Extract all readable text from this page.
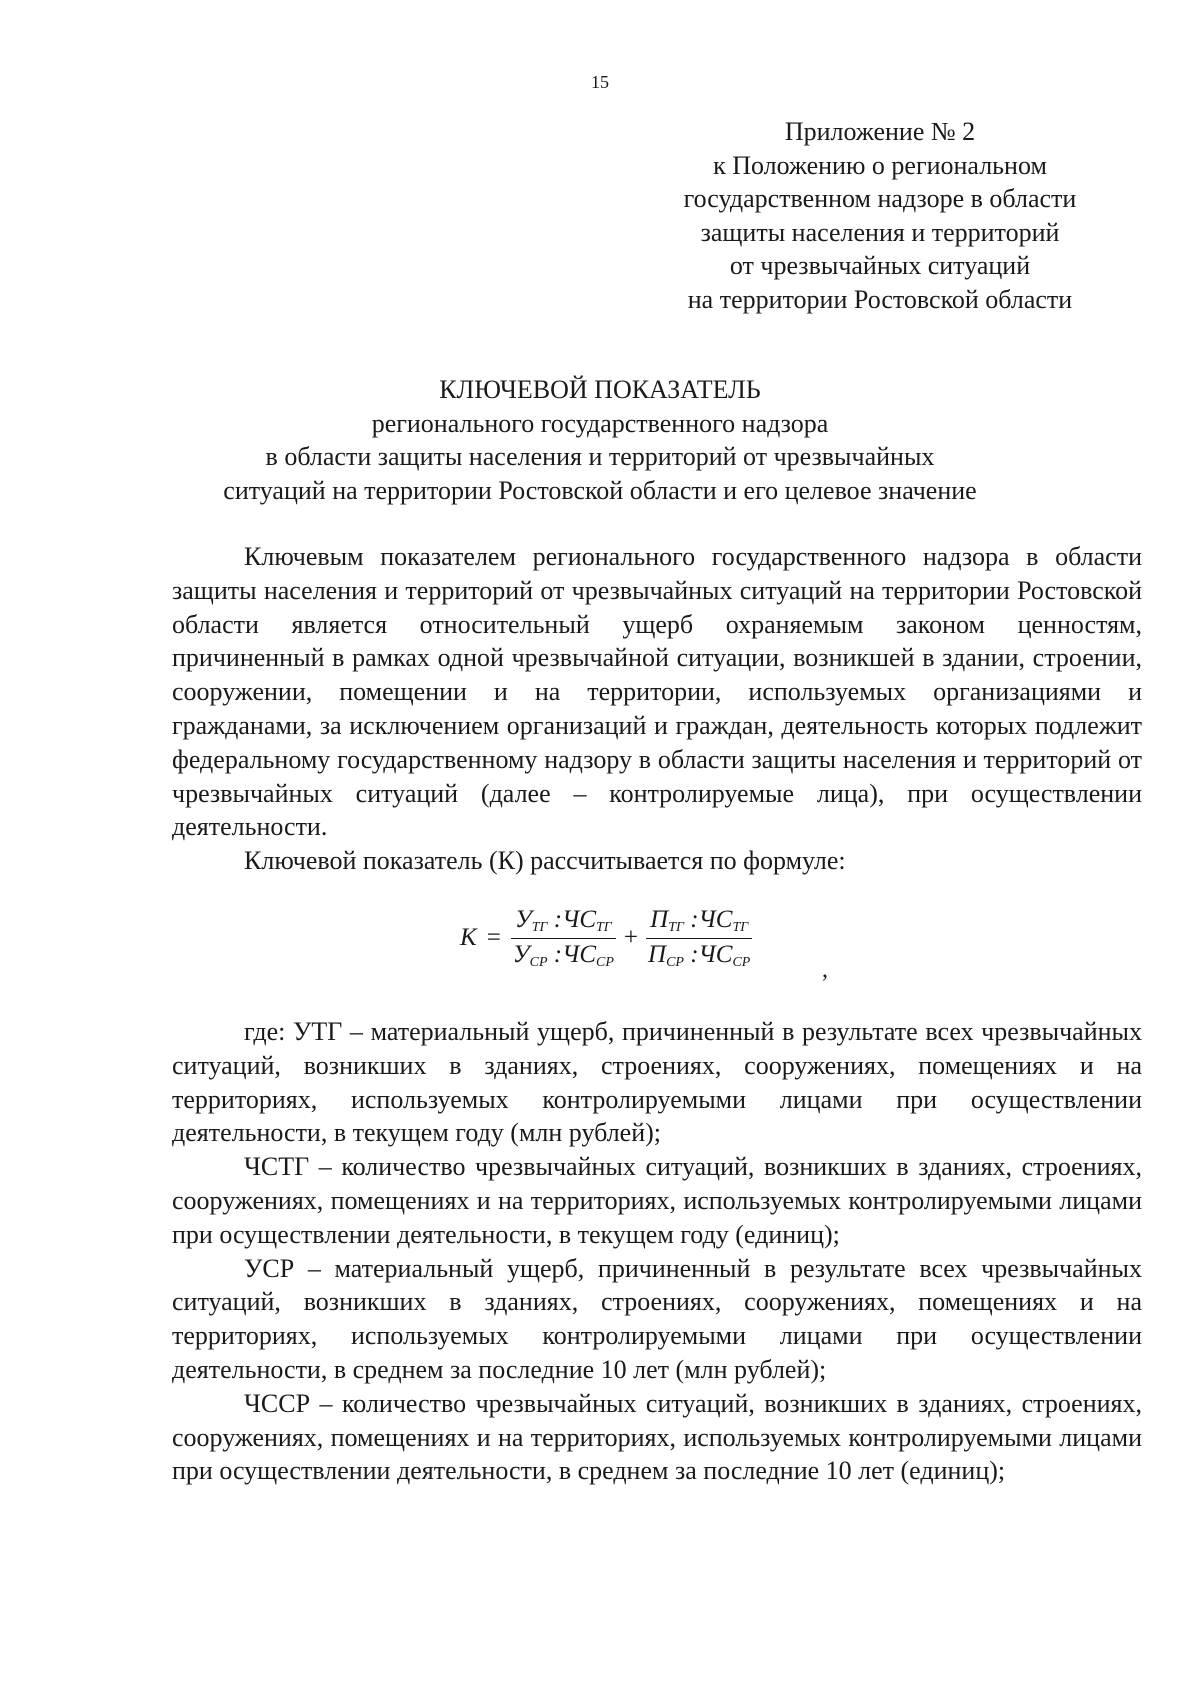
15
Приложение № 2
к Положению о региональном
государственном надзоре в области
защиты населения и территорий
от чрезвычайных ситуаций
на территории Ростовской области
КЛЮЧЕВОЙ ПОКАЗАТЕЛЬ
регионального государственного надзора
в области защиты населения и территорий от чрезвычайных
ситуаций на территории Ростовской области и его целевое значение

Ключевым показателем регионального государственного надзора в области защиты населения и территорий от чрезвычайных ситуаций на территории Ростовской области является относительный ущерб охраняемым законом ценностям, причиненный в рамках одной чрезвычайной ситуации, возникшей в здании, строении, сооружении, помещении и на территории, используемых организациями и гражданами, за исключением организаций и граждан, деятельность которых подлежит федеральному государственному надзору в области защиты населения и территорий от чрезвычайных ситуаций (далее – контролируемые лица), при осуществлении деятельности.

Ключевой показатель (К) рассчитывается по формуле:

$K = \frac{У_{ТГ} :ЧС_{ТГ}}{У_{СР} :ЧС_{СР}} + \frac{П_{ТГ} :ЧС_{ТГ}}{П_{СР} :ЧС_{СР}}$	,

где: УТГ – материальный ущерб, причиненный в результате всех чрезвычайных ситуаций, возникших в зданиях, строениях, сооружениях, помещениях и на территориях, используемых контролируемыми лицами при осуществлении деятельности, в текущем году (млн рублей);

ЧСТГ – количество чрезвычайных ситуаций, возникших в зданиях, строениях, сооружениях, помещениях и на территориях, используемых контролируемыми лицами при осуществлении деятельности, в текущем году (единиц);

УСР – материальный ущерб, причиненный в результате всех чрезвычайных ситуаций, возникших в зданиях, строениях, сооружениях, помещениях и на территориях, используемых контролируемыми лицами при осуществлении деятельности, в среднем за последние 10 лет (млн рублей);

ЧССР – количество чрезвычайных ситуаций, возникших в зданиях, строениях, сооружениях, помещениях и на территориях, используемых контролируемыми лицами при осуществлении деятельности, в среднем за последние 10 лет (единиц);
